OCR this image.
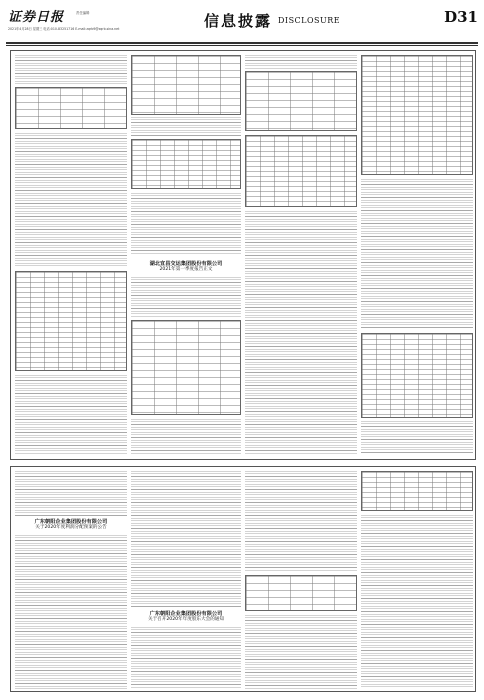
证券日报
2021年4月28日 星期三 电话:010-83251716 E-mail:zqrb9@zqrb.sina.net
责任编辑	信息披露 DISCLOSURE	D31
湖北宜昌交运集团股份有限公司
2021年第一季度报告正文
广东朝阳企业集团股份有限公司
关于2020年度利润分配预案的公告
广东朝阳企业集团股份有限公司
关于召开2020年年度股东大会的通知
